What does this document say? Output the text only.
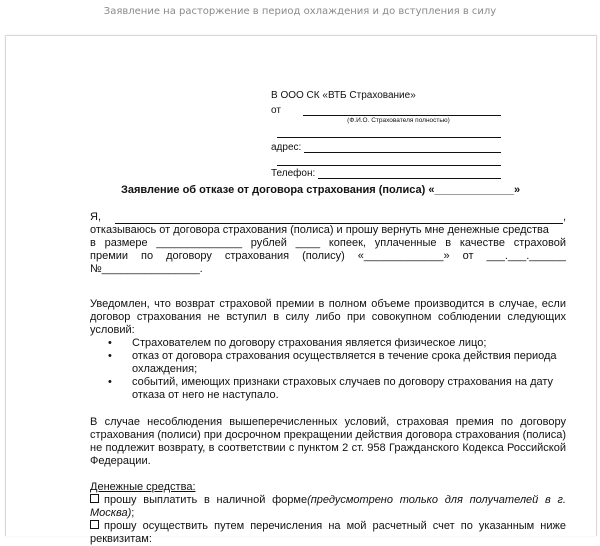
Заявление на расторжение в период охлаждения и до вступления в силу
В ООО СК «ВТБ Страхование»
от
(Ф.И.О. Страхователя полностью)
адрес:
Телефон:
Заявление об отказе от договора страхования (полиса) «_____________»
Я,	,

отказываюсь от договора страхования (полиса) и прошу вернуть мне денежные средства

в размере ______________ рублей ____ копеек, уплаченные в качестве страховой

премии по договору страхования (полису) «_____________» от ___.___.______

№________________.

Уведомлен, что возврат страховой премии в полном объеме производится в случае, если договор страхования не вступил в силу либо при совокупном соблюдении следующих условий:

• Страхователем по договору страхования является физическое лицо;
• отказ от договора страхования осуществляется в течение срока действия периода охлаждения;
• событий, имеющих признаки страховых случаев по договору страхования на дату отказа от него не наступало.

В случае несоблюдения вышеперечисленных условий, страховая премия по договору страхования (полиси) при досрочном прекращении действия договора страхования (полиса) не подлежит возврату, в соответствии с пунктом 2 ст. 958 Гражданского Кодекса Российской Федерации.

Денежные средства:

прошу выплатить в наличной форме(предусмотрено только для получателей в г. Москва);

прошу осуществить путем перечисления на мой расчетный счет по указанным ниже реквизитам:
